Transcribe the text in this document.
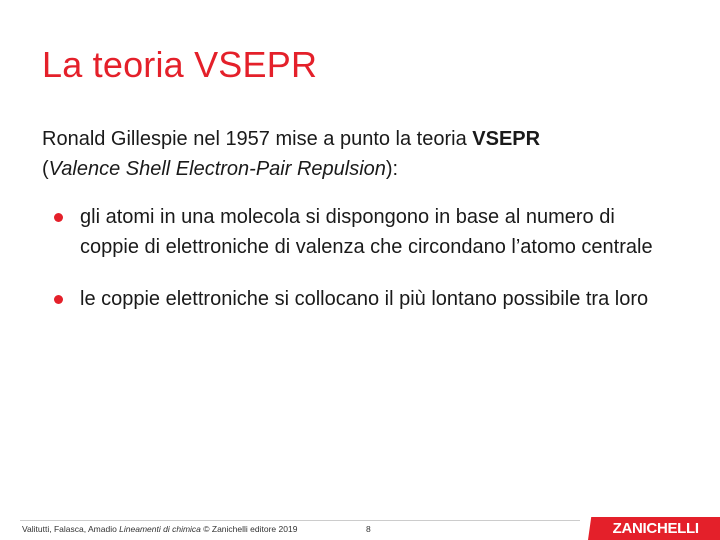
La teoria VSEPR
Ronald Gillespie nel 1957 mise a punto la teoria VSEPR
(Valence Shell Electron-Pair Repulsion):
gli atomi in una molecola si dispongono in base al numero di coppie di elettroniche di valenza che circondano l’atomo centrale
le coppie elettroniche si collocano il più lontano possibile tra loro
Valitutti, Falasca, Amadio Lineamenti di chimica © Zanichelli editore 2019	8	ZANICHELLI
